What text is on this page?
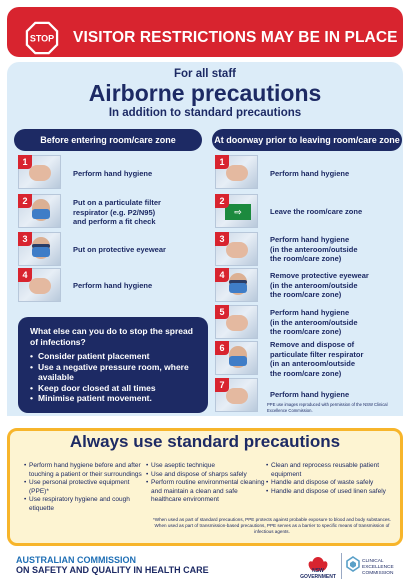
STOP VISITOR RESTRICTIONS MAY BE IN PLACE
For all staff
Airborne precautions
In addition to standard precautions
Before entering room/care zone	At doorway prior to leaving room/care zone
1
Perform hand hygiene
2	Put on a particulate filter
respirator (e.g. P2/N95)
and perform a fit check
3
Put on protective eyewear
4
Perform hand hygiene
1
Perform hand hygiene
⇨
2
Leave the room/care zone
3	Perform hand hygiene
(in the anteroom/outside
the room/care zone)
4	Remove protective eyewear
(in the anteroom/outside
the room/care zone)
5	Perform hand hygiene
(in the anteroom/outside
the room/care zone)
6	Remove and dispose of
particulate filter respirator
(in an anteroom/outside
the room/care zone)
7
Perform hand hygiene
PPE use images reproduced with permission of the NSW Clinical Excellence Commission.
What else can you do to stop the spread of infections?
• Consider patient placement
• Use a negative pressure room, where available
• Keep door closed at all times
• Minimise patient movement.
Always use standard precautions
• Perform hand hygiene before and after touching a patient or their surroundings
• Use personal protective equipment (PPE)*
• Use respiratory hygiene and cough etiquette
• Use aseptic technique
• Use and dispose of sharps safely
• Perform routine environmental cleaning and maintain a clean and safe healthcare environment
• Clean and reprocess reusable patient equipment
• Handle and dispose of waste safely
• Handle and dispose of used linen safely
*When used as part of standard precautions, PPE protects against probable exposure to blood and body substances. When used as part of transmission-based precautions, PPE serves as a barrier to specific means of transmission of infectious agents.
AUSTRALIAN COMMISSION
ON SAFETY AND QUALITY IN HEALTH CARE	NSW GOVERNMENT
CLINICAL
EXCELLENCE
COMMISSION
